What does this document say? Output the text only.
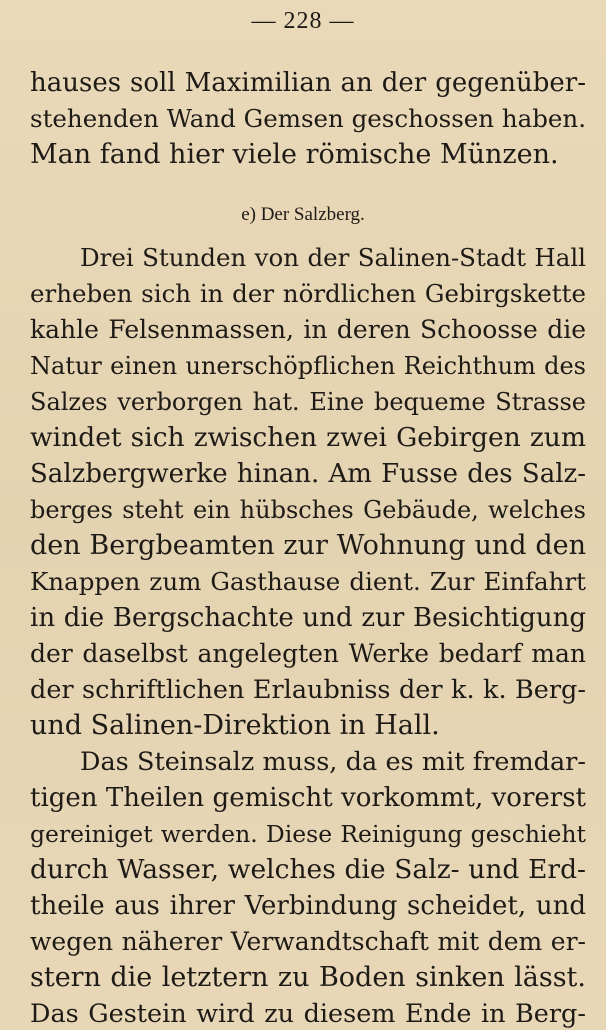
— 228 —
hauses soll Maximilian an der gegenüber-
stehenden Wand Gemsen geschossen haben.
Man fand hier viele römische Münzen.
e) Der Salzberg.
Drei Stunden von der Salinen-Stadt Hall
erheben sich in der nördlichen Gebirgskette
kahle Felsenmassen, in deren Schoosse die
Natur einen unerschöpflichen Reichthum des
Salzes verborgen hat. Eine bequeme Strasse
windet sich zwischen zwei Gebirgen zum
Salzbergwerke hinan. Am Fusse des Salz-
berges steht ein hübsches Gebäude, welches
den Bergbeamten zur Wohnung und den
Knappen zum Gasthause dient. Zur Einfahrt
in die Bergschachte und zur Besichtigung
der daselbst angelegten Werke bedarf man
der schriftlichen Erlaubniss der k. k. Berg-
und Salinen-Direktion in Hall.
Das Steinsalz muss, da es mit fremdar-
tigen Theilen gemischt vorkommt, vorerst
gereiniget werden. Diese Reinigung geschieht
durch Wasser, welches die Salz- und Erd-
theile aus ihrer Verbindung scheidet, und
wegen näherer Verwandtschaft mit dem er-
stern die letztern zu Boden sinken lässt.
Das Gestein wird zu diesem Ende in Berg-
